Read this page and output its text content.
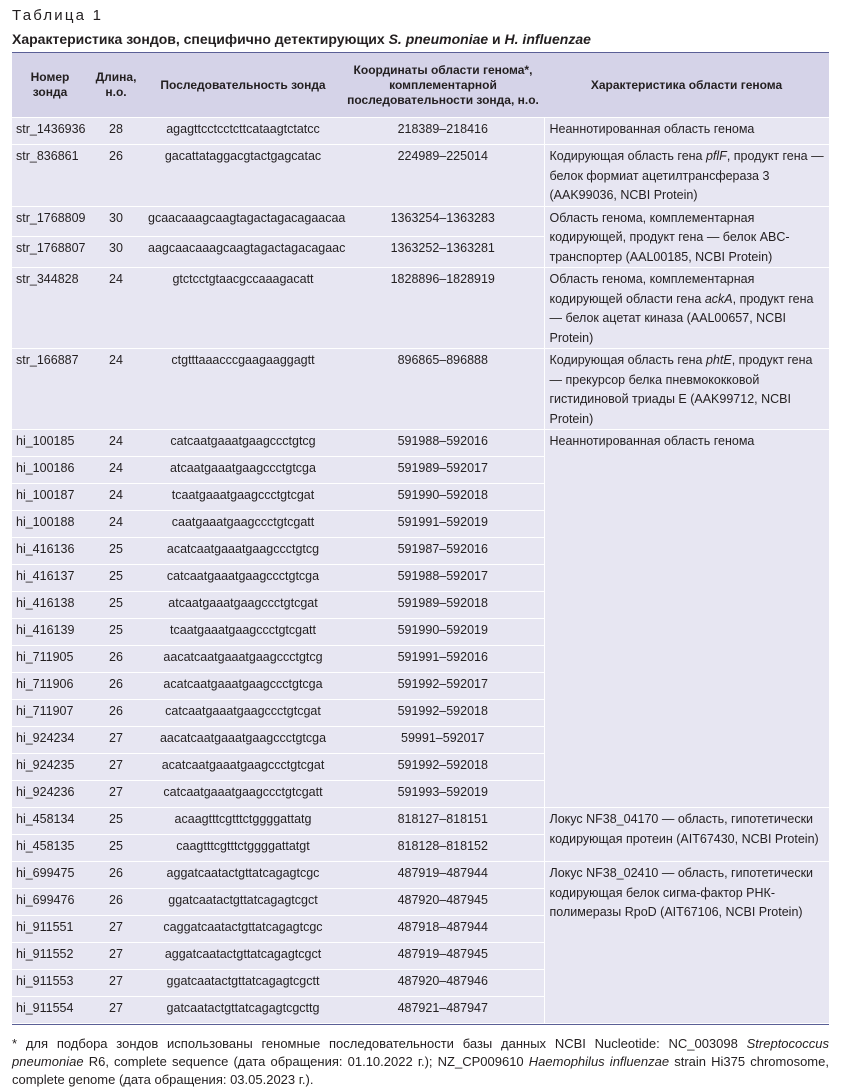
Таблица 1
Характеристика зондов, специфично детектирующих S. pneumoniae и H. influenzae
Номер зонда	Длина, н.о.	Последовательность зонда	Координаты области генома*, комплементарной последовательности зонда, н.о.	Характеристика области генома
str_1436936	28	agagttcctcctcttcataagtctatcc	218389–218416	Неаннотированная область генома
str_836861	26	gacattataggacgtactgagcatac	224989–225014	Кодирующая область гена pflF, продукт гена — белок формиат ацетилтрансфераза 3 (AAK99036, NCBI Protein)
str_1768809	30	gcaacaaagcaagtagactagacagaacaa	1363254–1363283	Область генома, комплементарная кодирующей, продукт гена — белок ABC-транспортер (AAL00185, NCBI Protein)
str_1768807	30	aagcaacaaagcaagtagactagacagaac	1363252–1363281	
str_344828	24	gtctcctgtaacgccaaagacatt	1828896–1828919	Область генома, комплементарная кодирующей области гена ackA, продукт гена — белок ацетат киназа (AAL00657, NCBI Protein)
str_166887	24	ctgtttaaacccgaagaaggagtt	896865–896888	Кодирующая область гена phtE, продукт гена — прекурсор белка пневмококковой гистидиновой триады E (AAK99712, NCBI Protein)
hi_100185	24	catcaatgaaatgaagccctgtcg	591988–592016	Неаннотированная область генома
hi_100186	24	atcaatgaaatgaagccctgtcga	591989–592017	
hi_100187	24	tcaatgaaatgaagccctgtcgat	591990–592018	
hi_100188	24	caatgaaatgaagccctgtcgatt	591991–592019	
hi_416136	25	acatcaatgaaatgaagccctgtcg	591987–592016	
hi_416137	25	catcaatgaaatgaagccctgtcga	591988–592017	
hi_416138	25	atcaatgaaatgaagccctgtcgat	591989–592018	
hi_416139	25	tcaatgaaatgaagccctgtcgatt	591990–592019	
hi_711905	26	aacatcaatgaaatgaagccctgtcg	591991–592016	
hi_711906	26	acatcaatgaaatgaagccctgtcga	591992–592017	
hi_711907	26	catcaatgaaatgaagccctgtcgat	591992–592018	
hi_924234	27	aacatcaatgaaatgaagccctgtcga	59991–592017	
hi_924235	27	acatcaatgaaatgaagccctgtcgat	591992–592018	
hi_924236	27	catcaatgaaatgaagccctgtcgatt	591993–592019	
hi_458134	25	acaagtttcgtttctggggattatg	818127–818151	Локус NF38_04170 — область, гипотетически кодирующая протеин (AIT67430, NCBI Protein)
hi_458135	25	caagtttcgtttctggggattatgt	818128–818152	
hi_699475	26	aggatcaatactgttatcagagtcgc	487919–487944	Локус NF38_02410 — область, гипотетически кодирующая белок сигма-фактор РНК-полимеразы RpoD (AIT67106, NCBI Protein)
hi_699476	26	ggatcaatactgttatcagagtcgct	487920–487945	
hi_911551	27	caggatcaatactgttatcagagtcgc	487918–487944	
hi_911552	27	aggatcaatactgttatcagagtcgct	487919–487945	
hi_911553	27	ggatcaatactgttatcagagtcgctt	487920–487946	
hi_911554	27	gatcaatactgttatcagagtcgcttg	487921–487947	
* для подбора зондов использованы геномные последовательности базы данных NCBI Nucleotide: NC_003098 Streptococcus pneumoniae R6, complete sequence (дата обращения: 01.10.2022 г.); NZ_CP009610 Haemophilus influenzae strain Hi375 chromosome, complete genome (дата обращения: 03.05.2023 г.).
